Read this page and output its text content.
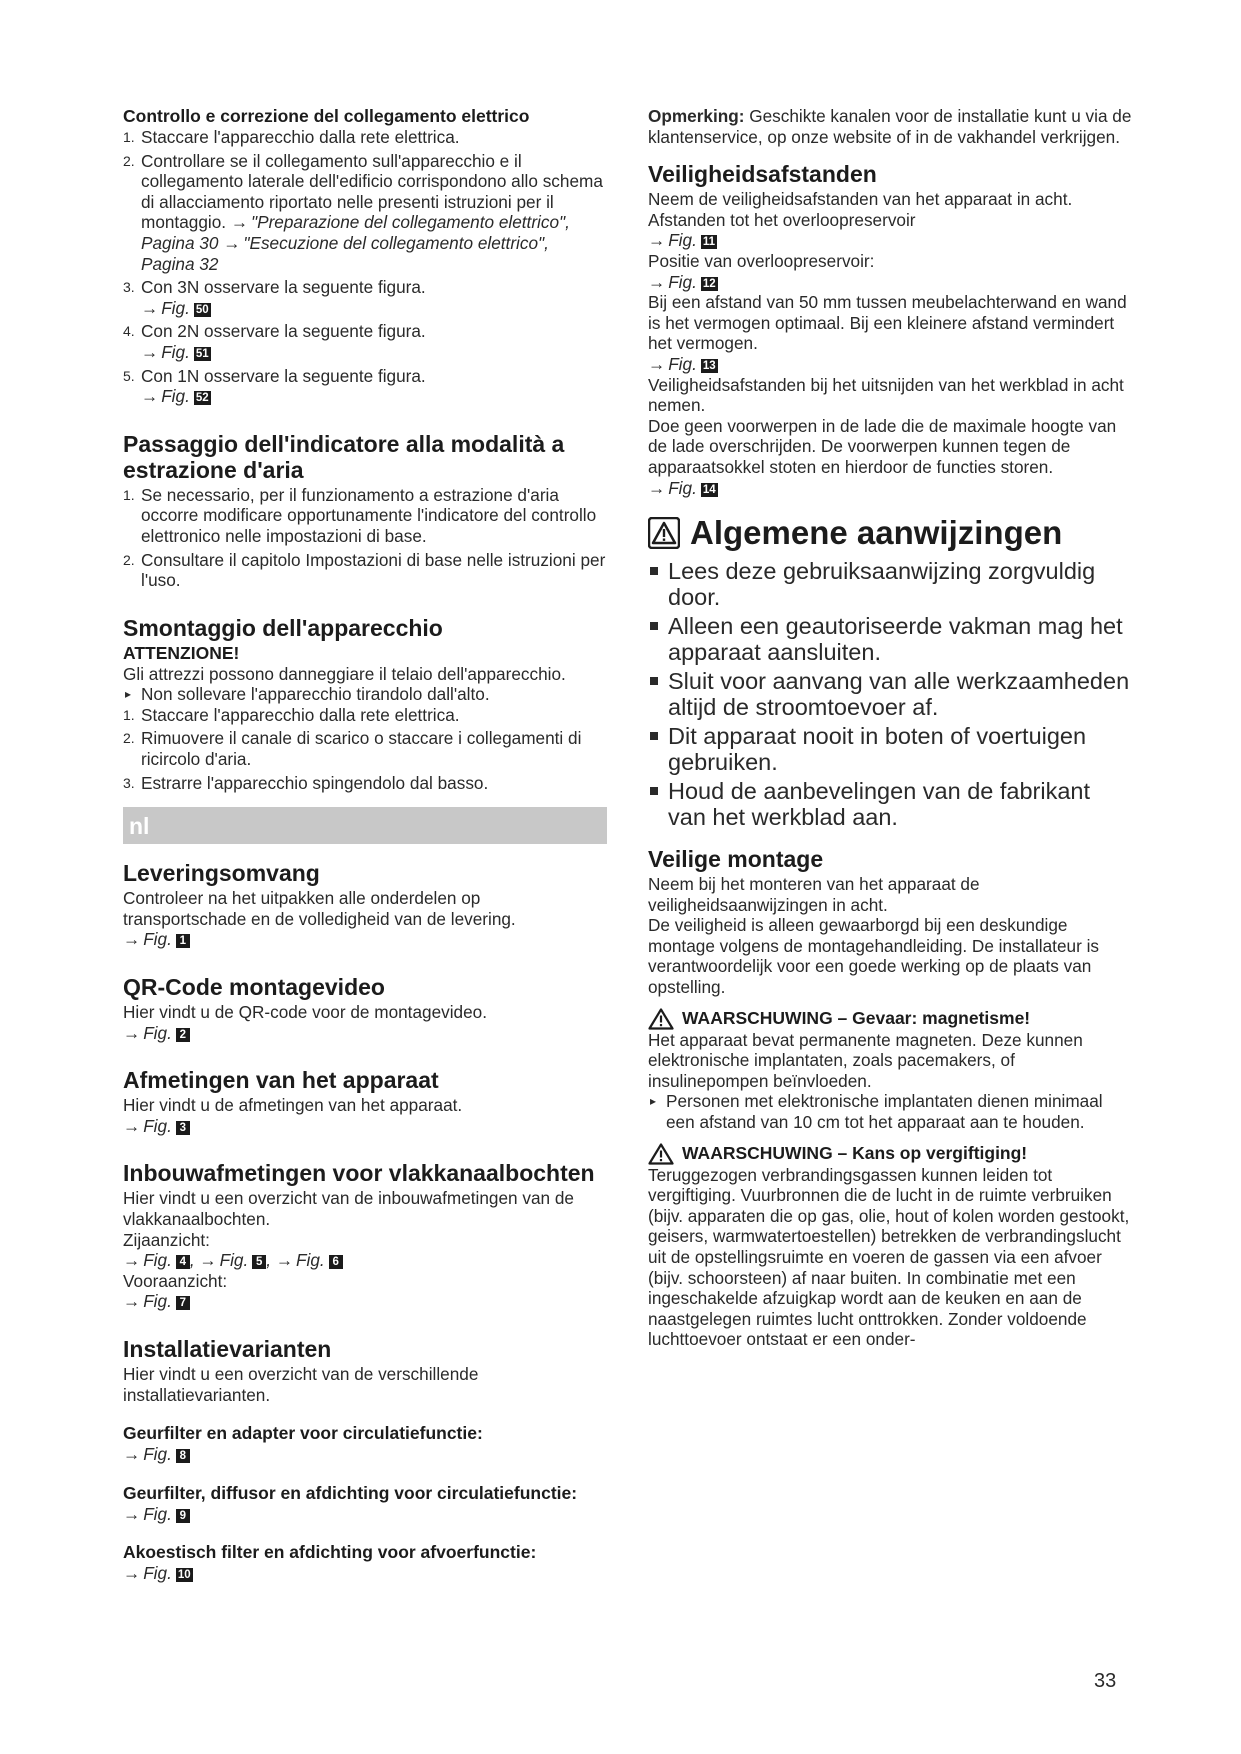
Controllo e correzione del collegamento elettrico

1. Staccare l'apparecchio dalla rete elettrica.
2. Controllare se il collegamento sull'apparecchio e il collegamento laterale dell'edificio corrispondono allo schema di allacciamento riportato nelle presenti istruzioni per il montaggio. → "Preparazione del collegamento elettrico", Pagina 30 → "Esecuzione del collegamento elettrico", Pagina 32
3. Con 3N osservare la seguente figura.
→ Fig. 50
4. Con 2N osservare la seguente figura.
→ Fig. 51
5. Con 1N osservare la seguente figura.
→ Fig. 52

Passaggio dell'indicatore alla modalità a estrazione d'aria

1. Se necessario, per il funzionamento a estrazione d'aria occorre modificare opportunamente l'indicatore del controllo elettronico nelle impostazioni di base.
2. Consultare il capitolo Impostazioni di base nelle istruzioni per l'uso.

Smontaggio dell'apparecchio

ATTENZIONE!

Gli attrezzi possono danneggiare il telaio dell'apparecchio.

▸ Non sollevare l'apparecchio tirandolo dall'alto.

1. Staccare l'apparecchio dalla rete elettrica.
2. Rimuovere il canale di scarico o staccare i collegamenti di ricircolo d'aria.
3. Estrarre l'apparecchio spingendolo dal basso.
nl

Leveringsomvang

Controleer na het uitpakken alle onderdelen op transportschade en de volledigheid van de levering.

→ Fig. 1

QR-Code montagevideo

Hier vindt u de QR-code voor de montagevideo.

→ Fig. 2

Afmetingen van het apparaat

Hier vindt u de afmetingen van het apparaat.

→ Fig. 3

Inbouwafmetingen voor vlakkanaalbochten

Hier vindt u een overzicht van de inbouwafmetingen van de vlakkanaalbochten.

Zijaanzicht:

→ Fig. 4 , → Fig. 5 , → Fig. 6

Vooraanzicht:

→ Fig. 7

Installatievarianten

Hier vindt u een overzicht van de verschillende installatievarianten.

Geurfilter en adapter voor circulatiefunctie:

→ Fig. 8

Geurfilter, diffusor en afdichting voor circulatiefunctie:

→ Fig. 9

Akoestisch filter en afdichting voor afvoerfunctie:

→ Fig. 10

Opmerking: Geschikte kanalen voor de installatie kunt u via de klantenservice, op onze website of in de vakhandel verkrijgen.

Veiligheidsafstanden

Neem de veiligheidsafstanden van het apparaat in acht.

Afstanden tot het overloopreservoir

→ Fig. 11

Positie van overloopreservoir:

→ Fig. 12

Bij een afstand van 50 mm tussen meubelachterwand en wand is het vermogen optimaal. Bij een kleinere afstand vermindert het vermogen.

→ Fig. 13

Veiligheidsafstanden bij het uitsnijden van het werkblad in acht nemen.

Doe geen voorwerpen in de lade die de maximale hoogte van de lade overschrijden. De voorwerpen kunnen tegen de apparaatsokkel stoten en hierdoor de functies storen.

→ Fig. 14

Algemene aanwijzingen
Lees deze gebruiksaanwijzing zorgvuldig door.
Alleen een geautoriseerde vakman mag het apparaat aansluiten.
Sluit voor aanvang van alle werkzaamheden altijd de stroomtoevoer af.
Dit apparaat nooit in boten of voertuigen gebruiken.
Houd de aanbevelingen van de fabrikant van het werkblad aan.

Veilige montage

Neem bij het monteren van het apparaat de veiligheidsaanwijzingen in acht.

De veiligheid is alleen gewaarborgd bij een deskundige montage volgens de montagehandleiding. De installateur is verantwoordelijk voor een goede werking op de plaats van opstelling.

WAARSCHUWING – Gevaar: magnetisme!

Het apparaat bevat permanente magneten. Deze kunnen elektronische implantaten, zoals pacemakers, of insulinepompen beïnvloeden.

▸ Personen met elektronische implantaten dienen minimaal een afstand van 10 cm tot het apparaat aan te houden.

WAARSCHUWING – Kans op vergiftiging!

Teruggezogen verbrandingsgassen kunnen leiden tot vergiftiging. Vuurbronnen die de lucht in de ruimte verbruiken (bijv. apparaten die op gas, olie, hout of kolen worden gestookt, geisers, warmwatertoestellen) betrekken de verbrandingslucht uit de opstellingsruimte en voeren de gassen via een afvoer (bijv. schoorsteen) af naar buiten. In combinatie met een ingeschakelde afzuigkap wordt aan de keuken en aan de naastgelegen ruimtes lucht onttrokken. Zonder voldoende luchttoevoer ontstaat er een onder-

33
